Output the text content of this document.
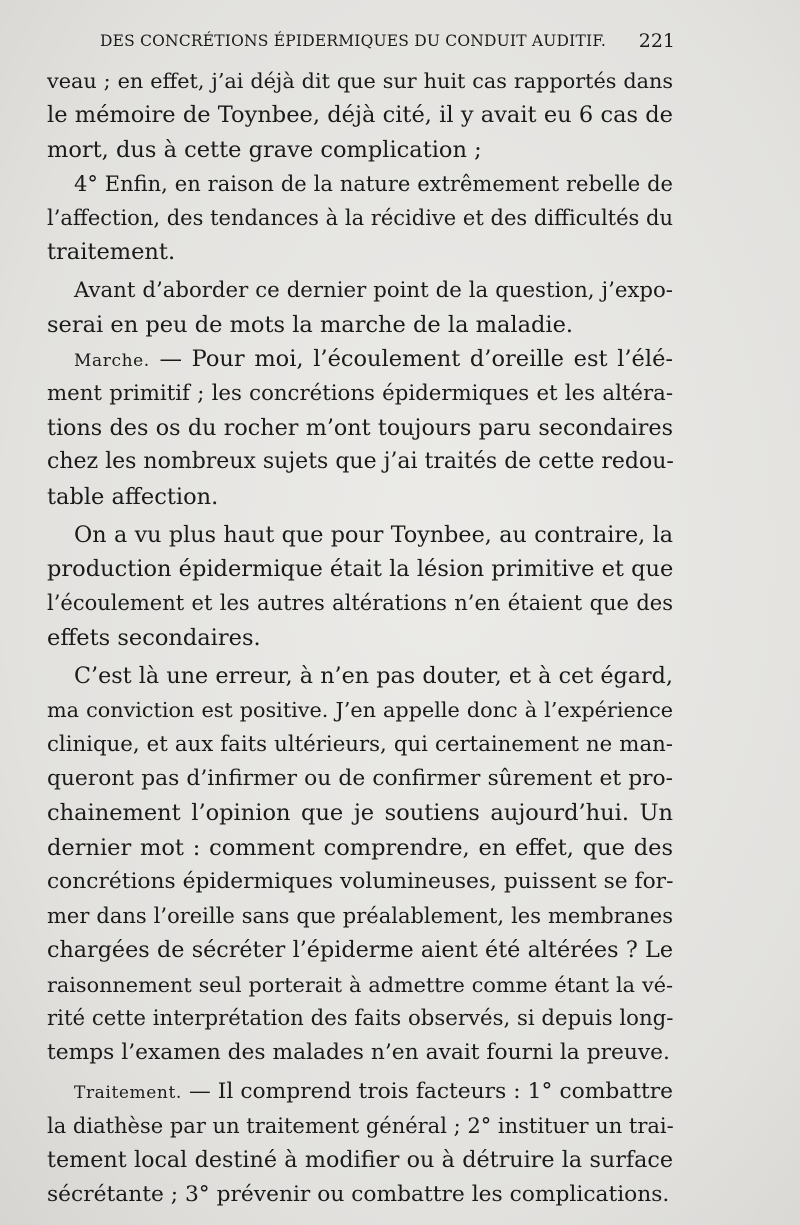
DES CONCRÉTIONS ÉPIDERMIQUES DU CONDUIT AUDITIF. 221
veau ; en effet, j’ai déjà dit que sur huit cas rapportés dans
le mémoire de Toynbee, déjà cité, il y avait eu 6 cas de
mort, dus à cette grave complication ;
4° Enfin, en raison de la nature extrêmement rebelle de
l’affection, des tendances à la récidive et des difficultés du
traitement.
Avant d’aborder ce dernier point de la question, j’expo-
serai en peu de mots la marche de la maladie.
Marche. — Pour moi, l’écoulement d’oreille est l’élé-
ment primitif ; les concrétions épidermiques et les altéra-
tions des os du rocher m’ont toujours paru secondaires
chez les nombreux sujets que j’ai traités de cette redou-
table affection.
On a vu plus haut que pour Toynbee, au contraire, la
production épidermique était la lésion primitive et que
l’écoulement et les autres altérations n’en étaient que des
effets secondaires.
C’est là une erreur, à n’en pas douter, et à cet égard,
ma conviction est positive. J’en appelle donc à l’expérience
clinique, et aux faits ultérieurs, qui certainement ne man-
queront pas d’infirmer ou de confirmer sûrement et pro-
chainement l’opinion que je soutiens aujourd’hui. Un
dernier mot : comment comprendre, en effet, que des
concrétions épidermiques volumineuses, puissent se for-
mer dans l’oreille sans que préalablement, les membranes
chargées de sécréter l’épiderme aient été altérées ? Le
raisonnement seul porterait à admettre comme étant la vé-
rité cette interprétation des faits observés, si depuis long-
temps l’examen des malades n’en avait fourni la preuve.
Traitement. — Il comprend trois facteurs : 1° combattre
la diathèse par un traitement général ; 2° instituer un trai-
tement local destiné à modifier ou à détruire la surface
sécrétante ; 3° prévenir ou combattre les complications.
